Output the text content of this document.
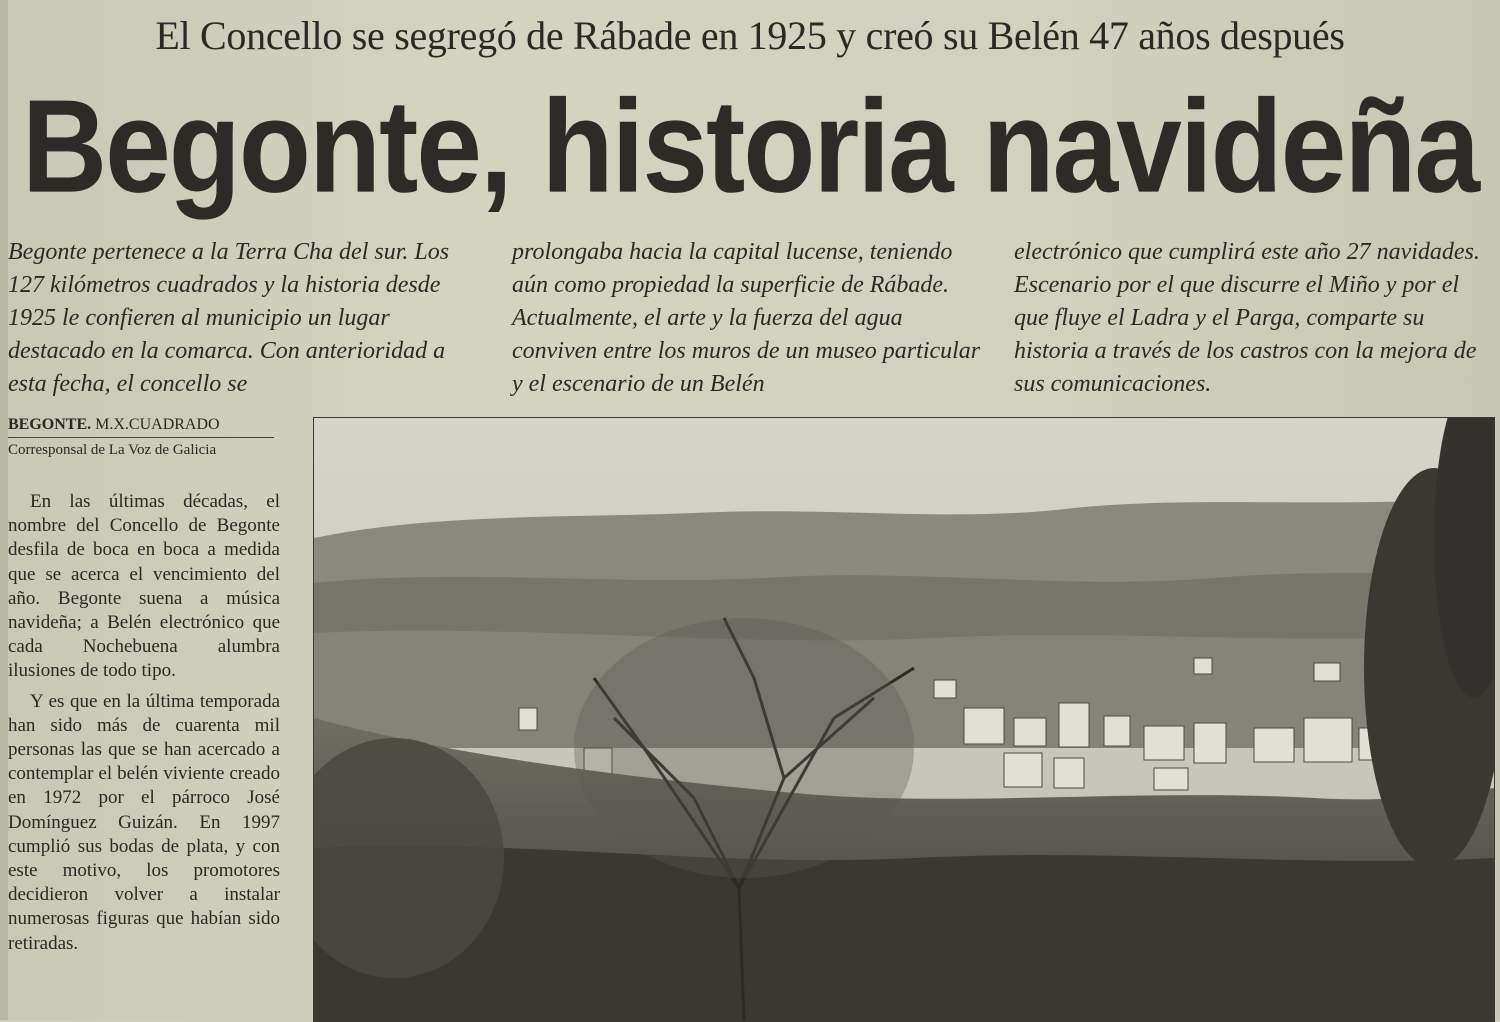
El Concello se segregó de Rábade en 1925 y creó su Belén 47 años después
Begonte, historia navideña
Begonte pertenece a la Terra Cha del sur. Los 127 kilómetros cuadrados y la historia desde 1925 le confieren al municipio un lugar destacado en la comarca. Con anterioridad a esta fecha, el concello se
prolongaba hacia la capital lucense, teniendo aún como propiedad la superficie de Rábade. Actualmente, el arte y la fuerza del agua conviven entre los muros de un museo particular y el escenario de un Belén
electrónico que cumplirá este año 27 navidades. Escenario por el que discurre el Miño y por el que fluye el Ladra y el Parga, comparte su historia a través de los castros con la mejora de sus comunicaciones.
BEGONTE. M.X.CUADRADO
Corresponsal de La Voz de Galicia

En las últimas décadas, el nombre del Concello de Begonte desfila de boca en boca a medida que se acerca el vencimiento del año. Begonte suena a música navideña; a Belén electrónico que cada Nochebuena alumbra ilusiones de todo tipo.

Y es que en la última temporada han sido más de cuarenta mil personas las que se han acercado a contemplar el belén viviente creado en 1972 por el párroco José Domínguez Guizán. En 1997 cumplió sus bodas de plata, y con este motivo, los promotores decidieron volver a instalar numerosas figuras que habían sido retiradas.
